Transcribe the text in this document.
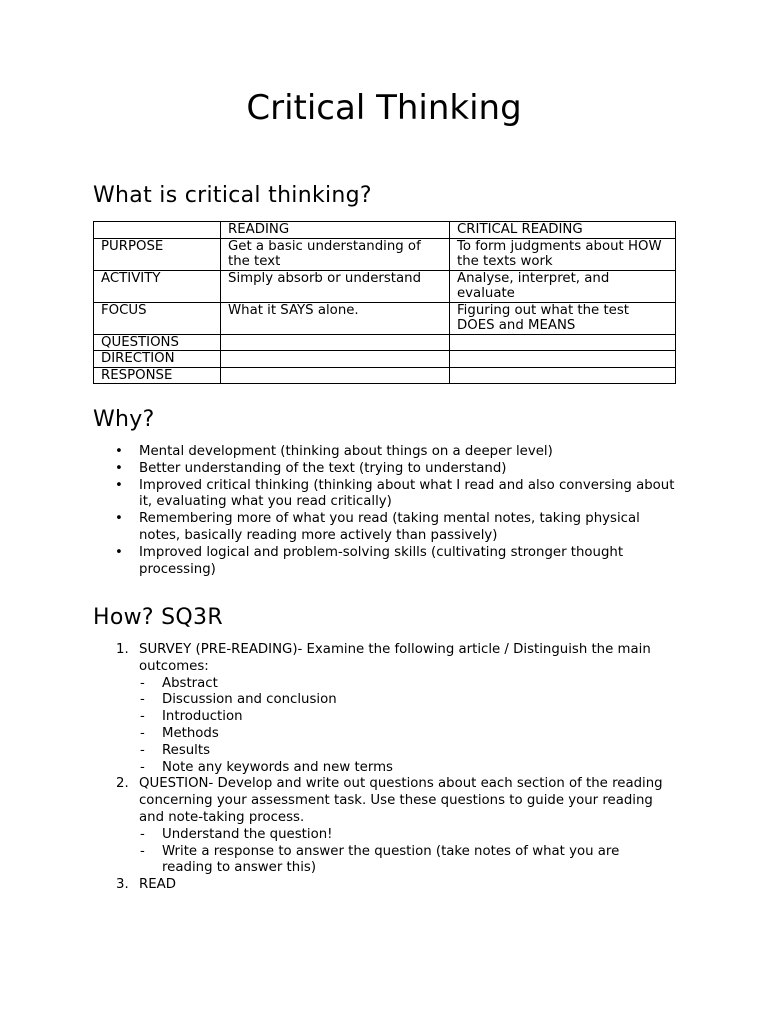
Critical Thinking
What is critical thinking?
	READING	CRITICAL READING
PURPOSE	Get a basic understanding of the text	To form judgments about HOW the texts work
ACTIVITY	Simply absorb or understand	Analyse, interpret, and evaluate
FOCUS	What it SAYS alone.	Figuring out what the test DOES and MEANS
QUESTIONS		
DIRECTION		
RESPONSE		
Why?
• Mental development (thinking about things on a deeper level)
• Better understanding of the text (trying to understand)
• Improved critical thinking (thinking about what I read and also conversing about it, evaluating what you read critically)
• Remembering more of what you read (taking mental notes, taking physical notes, basically reading more actively than passively)
• Improved logical and problem-solving skills (cultivating stronger thought processing)
How? SQ3R
1. SURVEY (PRE-READING)- Examine the following article / Distinguish the main outcomes:
- Abstract
- Discussion and conclusion
- Introduction
- Methods
- Results
- Note any keywords and new terms
2. QUESTION- Develop and write out questions about each section of the reading concerning your assessment task. Use these questions to guide your reading and note-taking process.
- Understand the question!
- Write a response to answer the question (take notes of what you are reading to answer this)
3. READ
